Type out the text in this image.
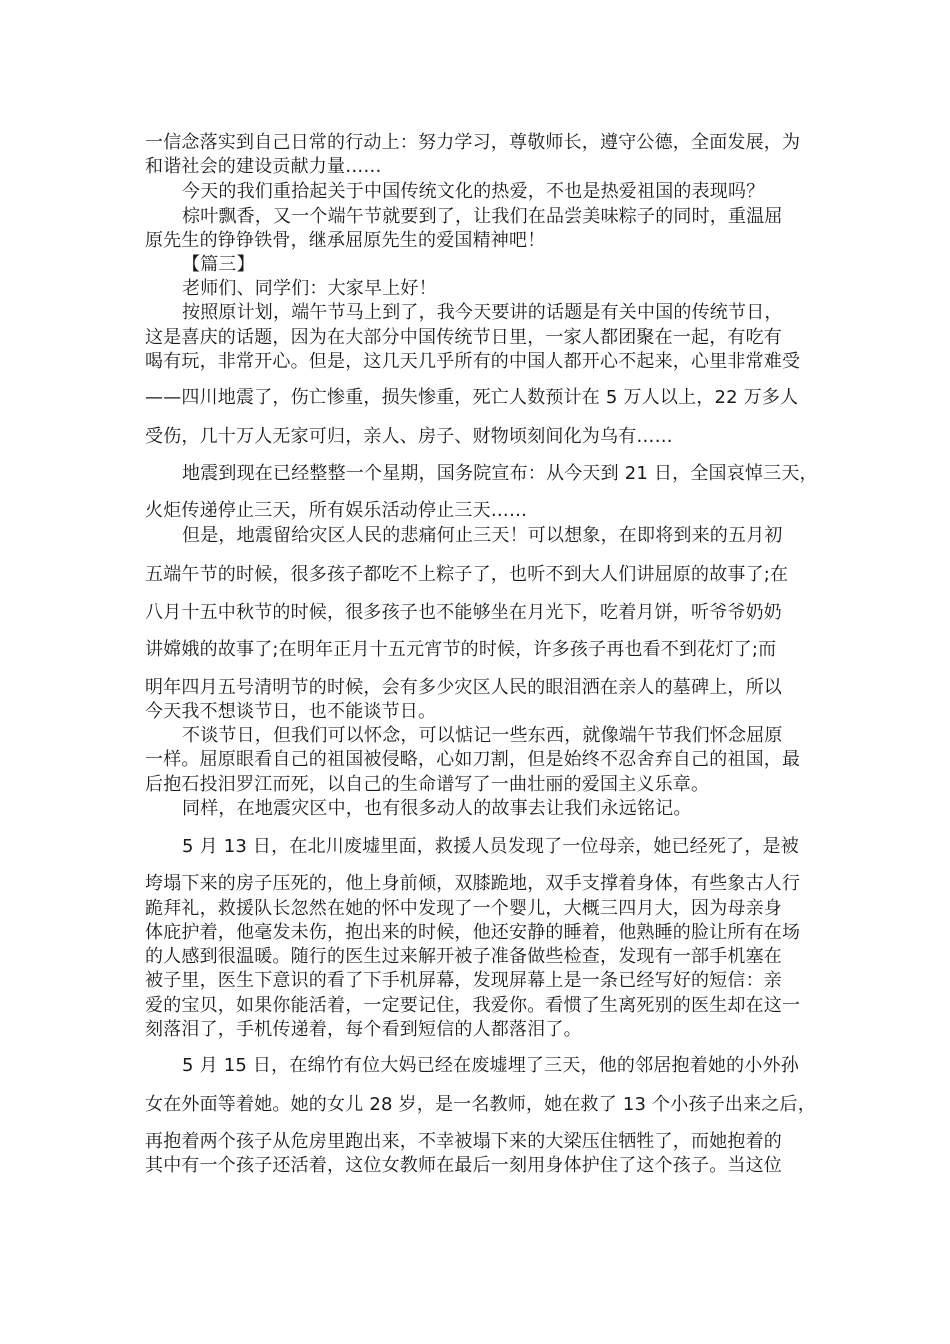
一信念落实到自己日常的行动上：努力学习，尊敬师长，遵守公德，全面发展，为
和谐社会的建设贡献力量……
今天的我们重拾起关于中国传统文化的热爱，不也是热爱祖国的表现吗？
棕叶飘香，又一个端午节就要到了，让我们在品尝美味粽子的同时，重温屈
原先生的铮铮铁骨，继承屈原先生的爱国精神吧！
【篇三】
老师们、同学们：大家早上好！
按照原计划，端午节马上到了，我今天要讲的话题是有关中国的传统节日，
这是喜庆的话题，因为在大部分中国传统节日里，一家人都团聚在一起，有吃有
喝有玩，非常开心。但是，这几天几乎所有的中国人都开心不起来，心里非常难受
——四川地震了，伤亡惨重，损失惨重，死亡人数预计在 5 万人以上，22 万多人
受伤，几十万人无家可归，亲人、房子、财物顷刻间化为乌有……
地震到现在已经整整一个星期，国务院宣布：从今天到 21 日，全国哀悼三天，
火炬传递停止三天，所有娱乐活动停止三天……
但是，地震留给灾区人民的悲痛何止三天！可以想象，在即将到来的五月初
五端午节的时候，很多孩子都吃不上粽子了，也听不到大人们讲屈原的故事了;在
八月十五中秋节的时候，很多孩子也不能够坐在月光下，吃着月饼，听爷爷奶奶
讲嫦娥的故事了;在明年正月十五元宵节的时候，许多孩子再也看不到花灯了;而
明年四月五号清明节的时候，会有多少灾区人民的眼泪洒在亲人的墓碑上，所以
今天我不想谈节日，也不能谈节日。
不谈节日，但我们可以怀念，可以惦记一些东西，就像端午节我们怀念屈原
一样。屈原眼看自己的祖国被侵略，心如刀割，但是始终不忍舍弃自己的祖国，最
后抱石投汨罗江而死，以自己的生命谱写了一曲壮丽的爱国主义乐章。
同样，在地震灾区中，也有很多动人的故事去让我们永远铭记。
5 月 13 日，在北川废墟里面，救援人员发现了一位母亲，她已经死了，是被
垮塌下来的房子压死的，他上身前倾，双膝跪地，双手支撑着身体，有些象古人行
跪拜礼，救援队长忽然在她的怀中发现了一个婴儿，大概三四月大，因为母亲身
体庇护着，他毫发未伤，抱出来的时候，他还安静的睡着，他熟睡的脸让所有在场
的人感到很温暖。随行的医生过来解开被子准备做些检查，发现有一部手机塞在
被子里，医生下意识的看了下手机屏幕，发现屏幕上是一条已经写好的短信：亲
爱的宝贝，如果你能活着，一定要记住，我爱你。看惯了生离死别的医生却在这一
刻落泪了，手机传递着，每个看到短信的人都落泪了。
5 月 15 日，在绵竹有位大妈已经在废墟埋了三天，他的邻居抱着她的小外孙
女在外面等着她。她的女儿 28 岁，是一名教师，她在救了 13 个小孩子出来之后，
再抱着两个孩子从危房里跑出来，不幸被塌下来的大梁压住牺牲了，而她抱着的
其中有一个孩子还活着，这位女教师在最后一刻用身体护住了这个孩子。当这位
